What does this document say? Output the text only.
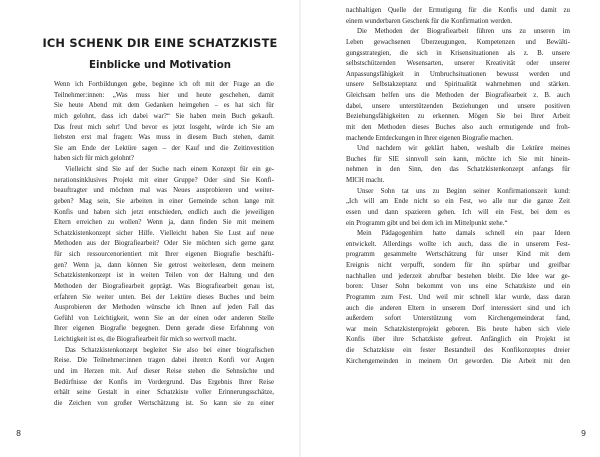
ICH SCHENK DIR EINE SCHATZKISTE
Einblicke und Motivation
Wenn ich Fortbildungen gebe, beginne ich oft mit der Frage an die
Teilnehmer:innen: „Was muss hier und heute geschehen, damit
Sie heute Abend mit dem Gedanken heimgehen – es hat sich für
mich gelohnt, dass ich dabei war?“ Sie haben mein Buch gekauft.
Das freut mich sehr! Und bevor es jetzt losgeht, würde ich Sie am
liebsten erst mal fragen: Was muss in diesem Buch stehen, damit
Sie am Ende der Lektüre sagen – der Kauf und die Zeitinvestition
haben sich für mich gelohnt?
Vielleicht sind Sie auf der Suche nach einem Konzept für ein ge-
nerationsinklusives Projekt mit einer Gruppe? Oder sind Sie Konfi-
beauftragter und möchten mal was Neues ausprobieren und weiter-
geben? Mag sein, Sie arbeiten in einer Gemeinde schon lange mit
Konfis und haben sich jetzt entschieden, endlich auch die jeweiligen
Eltern erreichen zu wollen? Wenn ja, dann finden Sie mit meinem
Schatzkistenkonzept sicher Hilfe. Vielleicht haben Sie Lust auf neue
Methoden aus der Biografiearbeit? Oder Sie möchten sich gerne ganz
für sich ressourcenorientiert mit Ihrer eigenen Biografie beschäfti-
gen? Wenn ja, dann können Sie getrost weiterlesen, denn meinem
Schatzkistenkonzept ist in weiten Teilen von der Haltung und den
Methoden der Biografiearbeit geprägt. Was Biografiearbeit genau ist,
erfahren Sie weiter unten. Bei der Lektüre dieses Buches und beim
Ausprobieren der Methoden wünsche ich Ihnen auf jeden Fall das
Gefühl von Leichtigkeit, wenn Sie an der einen oder anderen Stelle
Ihrer eigenen Biografie begegnen. Denn gerade diese Erfahrung von
Leichtigkeit ist es, die Biografiearbeit für mich so wertvoll macht.
Das Schatzkistenkonzept begleitet Sie also bei einer biografischen
Reise. Die Teilnehmer:innen tragen dabei ihren:n Konfi vor Augen
und im Herzen mit. Auf dieser Reise stehen die Sehnsüchte und
Bedürfnisse der Konfis im Vordergrund. Das Ergebnis Ihrer Reise
erhält seine Gestalt in einer Schatzkiste voller Erinnerungsschätze,
die Zeichen von großer Wertschätzung ist. So kann sie zu einer
8
nachhaltigen Quelle der Ermutigung für die Konfis und damit zu
einem wunderbaren Geschenk für die Konfirmation werden.
Die Methoden der Biografiearbeit führen uns zu unseren im
Leben gewachsenen Überzeugungen, Kompetenzen und Bewälti-
gungsstrategien, die sich in Krisensituationen als z. B. unsere
selbstschützenden Wesensarten, unserer Kreativität oder unserer
Anpassungsfähigkeit in Umbruchsituationen bewusst werden und
unsere Selbstakzeptanz und Spiritualität wahrnehmen und stärken.
Gleichsam helfen uns die Methoden der Biografiearbeit z. B. auch
dabei, unsere unterstützenden Beziehungen und unsere positiven
Beziehungsfähigkeiten zu erkennen. Mögen Sie bei Ihrer Arbeit
mit den Methoden dieses Buches also auch ermutigende und froh-
machende Entdeckungen in Ihrer eigenen Biografie machen.
Und nachdem wir geklärt haben, weshalb die Lektüre meines
Buches für SIE sinnvoll sein kann, möchte ich Sie mit hinein-
nehmen in den Sinn, den das Schatzkistenkonzept anfangs für
MICH macht.
Unser Sohn tat uns zu Beginn seiner Konfirmationszeit kund:
„Ich will am Ende nicht so ein Fest, wo alle nur die ganze Zeit
essen und dann spazieren gehen. Ich will ein Fest, bei dem es
ein Programm gibt und bei dem ich im Mittelpunkt stehe.“
Mein Pädagogenhirn hatte damals schnell ein paar Ideen
entwickelt. Allerdings wollte ich auch, dass die in unserem Fest-
programm gesammelte Wertschätzung für unser Kind mit dem
Ereignis nicht verpufft, sondern für ihn spürbar und greifbar
nachhallen und jederzeit abrufbar bestehen bleibt. Die Idee war ge-
boren: Unser Sohn bekommt von uns eine Schatzkiste und ein
Programm zum Fest. Und weil mir schnell klar wurde, dass daran
auch die anderen Eltern in unserem Dorf interessiert sind und ich
außerdem sofort Unterstützung vom Kirchengemeinderat fand,
war mein Schatzkistenprojekt geboren. Bis heute haben sich viele
Konfis über ihre Schatzkiste gefreut. Anfänglich ein Projekt ist
die Schatzkiste ein fester Bestandteil des Konfikonzeptes dreier
Kirchengemeinden in meinem Ort geworden. Die Arbeit mit den
9
